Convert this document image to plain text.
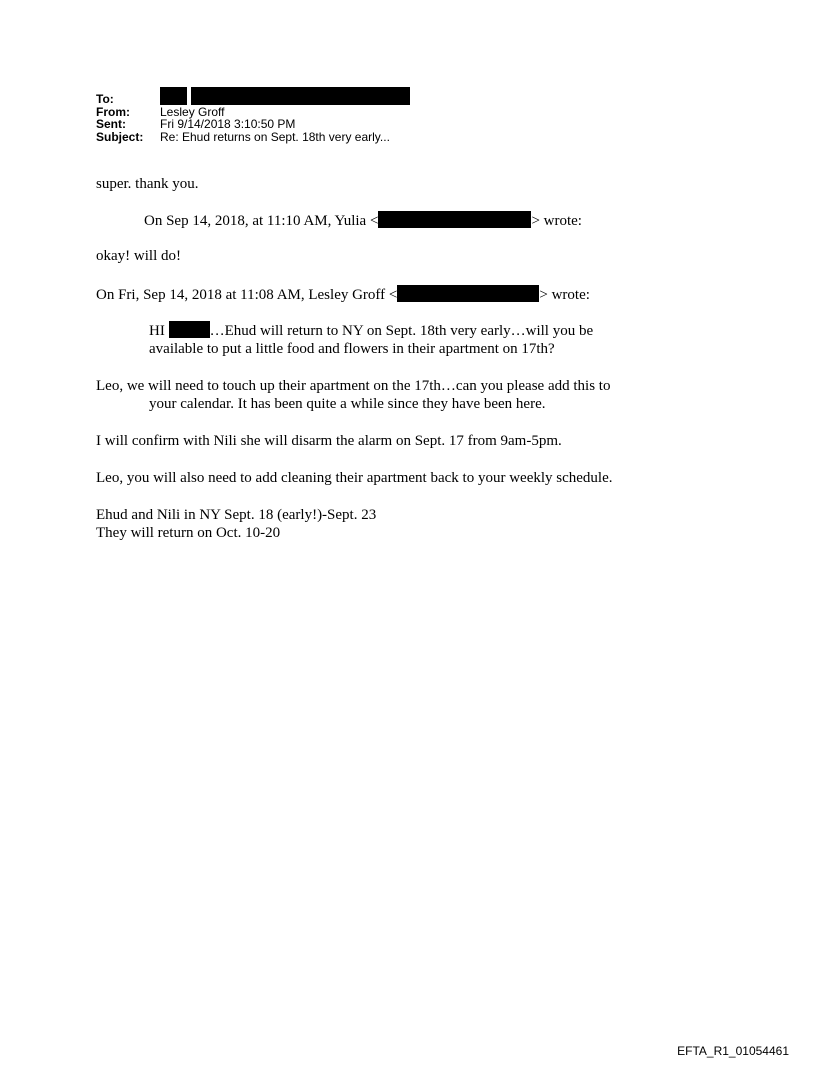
To:
From:	Lesley Groff
Sent:	Fri 9/14/2018 3:10:50 PM
Subject:	Re: Ehud returns on Sept. 18th very early...
super. thank you.
On Sep 14, 2018, at 11:10 AM, Yulia <	> wrote:
okay! will do!
On Fri, Sep 14, 2018 at 11:08 AM, Lesley Groff <	> wrote:
HI	…Ehud will return to NY on Sept. 18th very early…will you be
available to put a little food and flowers in their apartment on 17th?
Leo, we will need to touch up their apartment on the 17th…can you please add this to
your calendar. It has been quite a while since they have been here.
I will confirm with Nili she will disarm the alarm on Sept. 17 from 9am-5pm.
Leo, you will also need to add cleaning their apartment back to your weekly schedule.
Ehud and Nili in NY Sept. 18 (early!)-Sept. 23
They will return on Oct. 10-20
EFTA_R1_01054461
